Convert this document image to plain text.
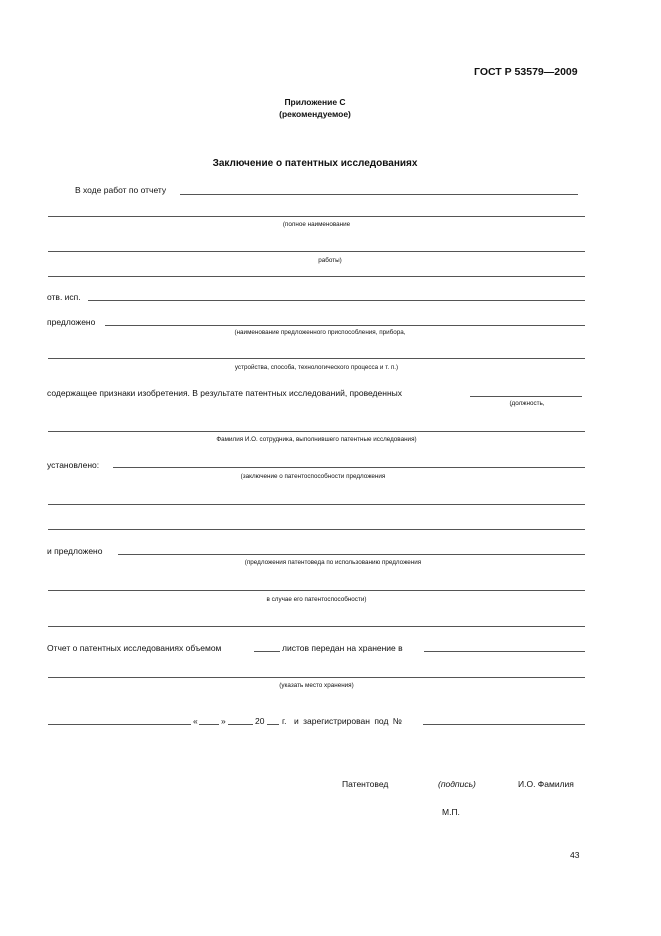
ГОСТ Р 53579—2009
Приложение С
(рекомендуемое)
Заключение о патентных исследованиях
В ходе работ по отчету
(полное наименование
работы)
отв. исп.
предложено
(наименование предложенного приспособления, прибора,
устройства, способа, технологического процесса и т. п.)
содержащее признаки изобретения. В результате патентных исследований, проведенных
(должность,
Фамилия И.О. сотрудника, выполнившего патентные исследования)
установлено:
(заключение о патентоспособности предложения
и предложено
(предложения патентоведа по использованию предложения
в случае его патентоспособности)
Отчет о патентных исследованиях объемом	листов передан на хранение в
(указать место хранения)
«	»	20 г. и зарегистрирован под №
Патентовед	(подпись)	И.О. Фамилия
М.П.
43
